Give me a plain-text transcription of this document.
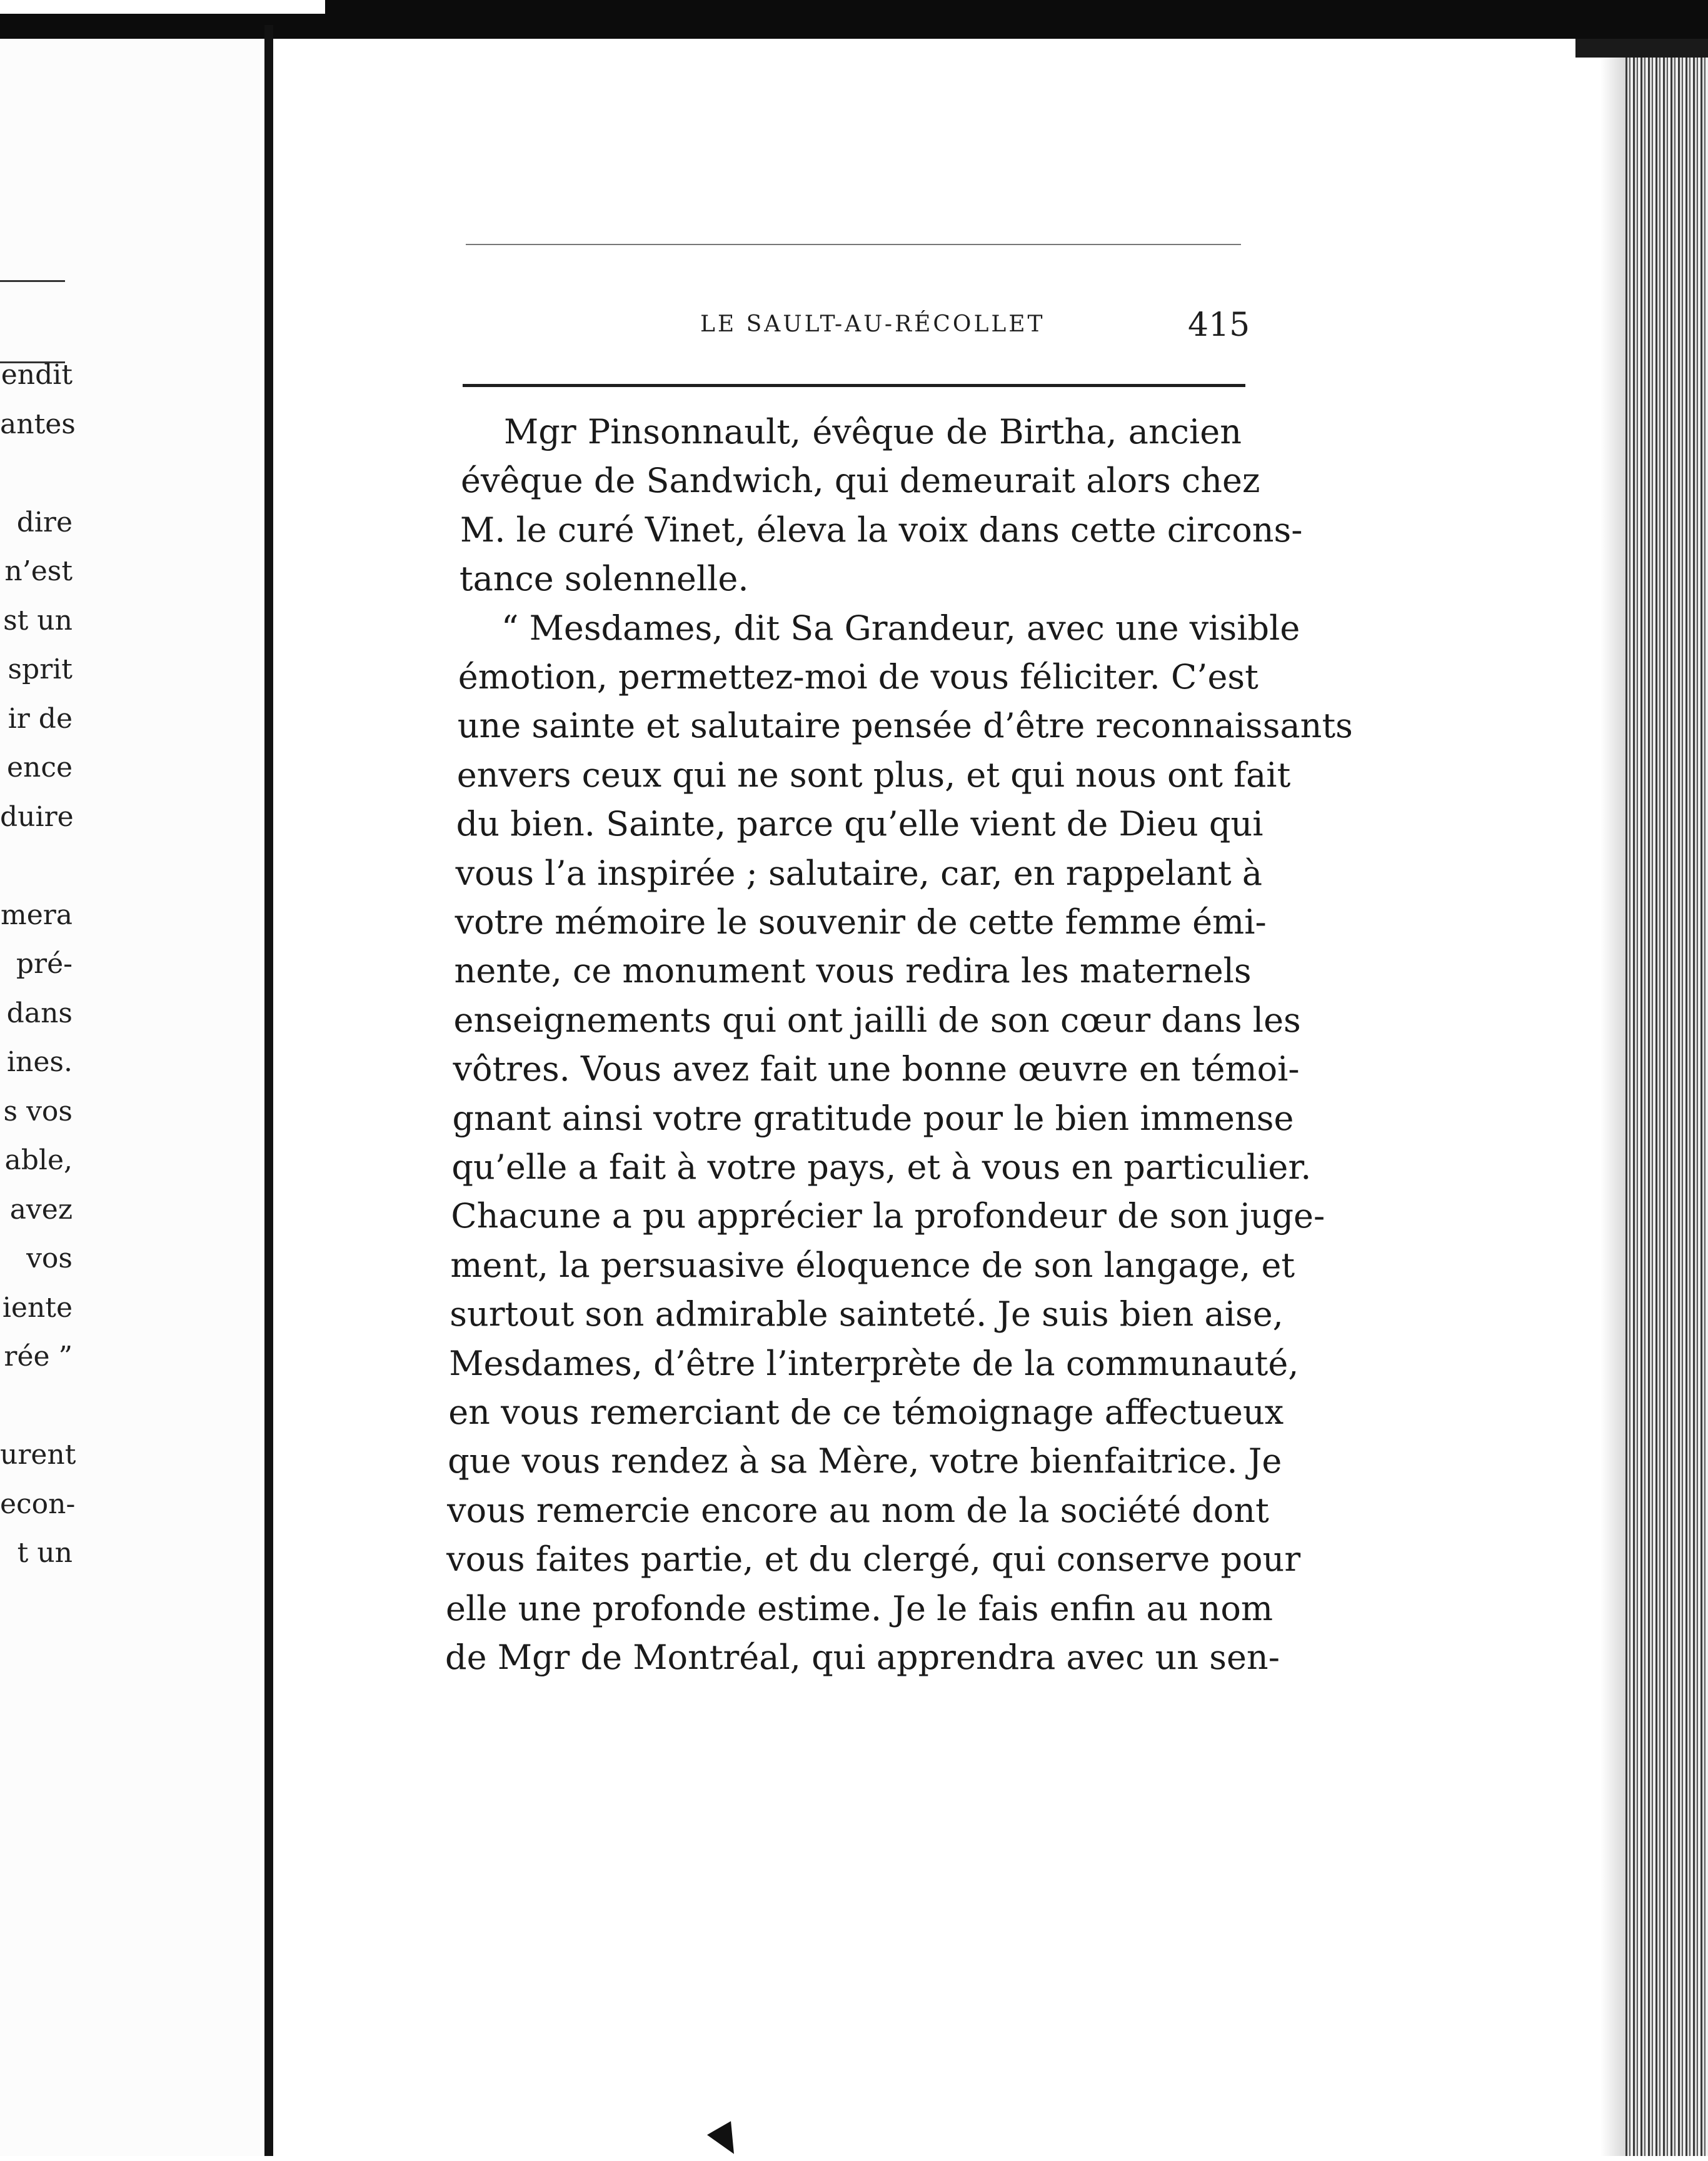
endit
antes
dire
n’est
st un
sprit
ir de
ence
duire
mera
pré-
dans
ines.
s vos
able,
avez
vos
iente
rée ”
urent
econ-
t un
LE SAULT-AU-RÉCOLLET	415
Mgr Pinsonnault, évêque de Birtha, ancien
évêque de Sandwich, qui demeurait alors chez
M. le curé Vinet, éleva la voix dans cette circons-
tance solennelle.
“ Mesdames, dit Sa Grandeur, avec une visible
émotion, permettez-moi de vous féliciter. C’est
une sainte et salutaire pensée d’être reconnaissants
envers ceux qui ne sont plus, et qui nous ont fait
du bien. Sainte, parce qu’elle vient de Dieu qui
vous l’a inspirée ; salutaire, car, en rappelant à
votre mémoire le souvenir de cette femme émi-
nente, ce monument vous redira les maternels
enseignements qui ont jailli de son cœur dans les
vôtres. Vous avez fait une bonne œuvre en témoi-
gnant ainsi votre gratitude pour le bien immense
qu’elle a fait à votre pays, et à vous en particulier.
Chacune a pu apprécier la profondeur de son juge-
ment, la persuasive éloquence de son langage, et
surtout son admirable sainteté. Je suis bien aise,
Mesdames, d’être l’interprète de la communauté,
en vous remerciant de ce témoignage affectueux
que vous rendez à sa Mère, votre bienfaitrice. Je
vous remercie encore au nom de la société dont
vous faites partie, et du clergé, qui conserve pour
elle une profonde estime. Je le fais enfin au nom
de Mgr de Montréal, qui apprendra avec un sen-
